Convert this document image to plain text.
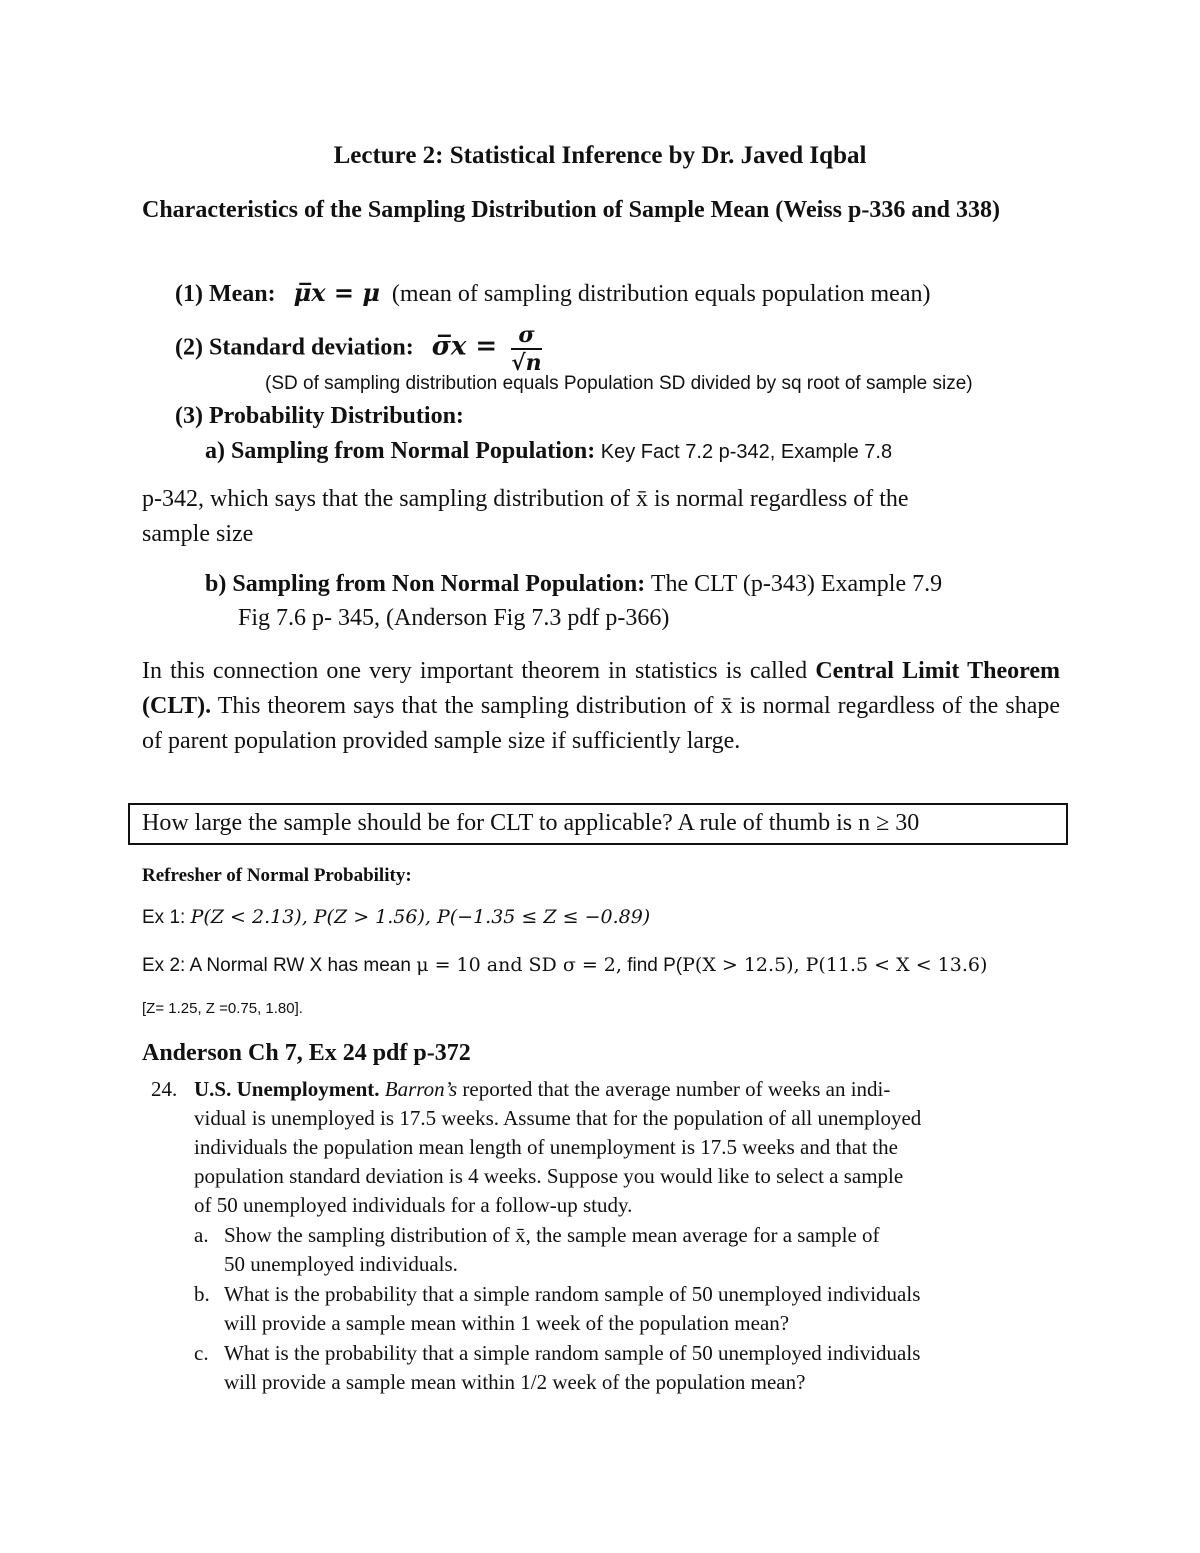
Lecture 2: Statistical Inference by Dr. Javed Iqbal
Characteristics of the Sampling Distribution of Sample Mean (Weiss p-336 and 338)
(1) Mean: μ̅x = μ (mean of sampling distribution equals population mean)
(2) Standard deviation: σ̅x = $\frac{\sigma}{√n}$
(SD of sampling distribution equals Population SD divided by sq root of sample size)
(3) Probability Distribution:
a) Sampling from Normal Population: Key Fact 7.2 p-342, Example 7.8
p-342, which says that the sampling distribution of x̄ is normal regardless of the
sample size
b) Sampling from Non Normal Population: The CLT (p-343) Example 7.9
Fig 7.6 p- 345, (Anderson Fig 7.3 pdf p-366)
In this connection one very important theorem in statistics is called Central Limit Theorem (CLT). This theorem says that the sampling distribution of x̄ is normal regardless of the shape of parent population provided sample size if sufficiently large.
How large the sample should be for CLT to applicable? A rule of thumb is n ≥ 30
Refresher of Normal Probability:
Ex 1: P(Z < 2.13), P(Z > 1.56), P(−1.35 ≤ Z ≤ −0.89)
Ex 2: A Normal RW X has mean μ = 10 and SD σ = 2, find P(P(X > 12.5), P(11.5 < X < 13.6)
[Z= 1.25, Z =0.75, 1.80].
Anderson Ch 7, Ex 24 pdf p-372
24. U.S. Unemployment. Barron’s reported that the average number of weeks an indi-
vidual is unemployed is 17.5 weeks. Assume that for the population of all unemployed
individuals the population mean length of unemployment is 17.5 weeks and that the
population standard deviation is 4 weeks. Suppose you would like to select a sample
of 50 unemployed individuals for a follow-up study.
a. Show the sampling distribution of x̄, the sample mean average for a sample of
50 unemployed individuals.
b. What is the probability that a simple random sample of 50 unemployed individuals
will provide a sample mean within 1 week of the population mean?
c. What is the probability that a simple random sample of 50 unemployed individuals
will provide a sample mean within 1/2 week of the population mean?
